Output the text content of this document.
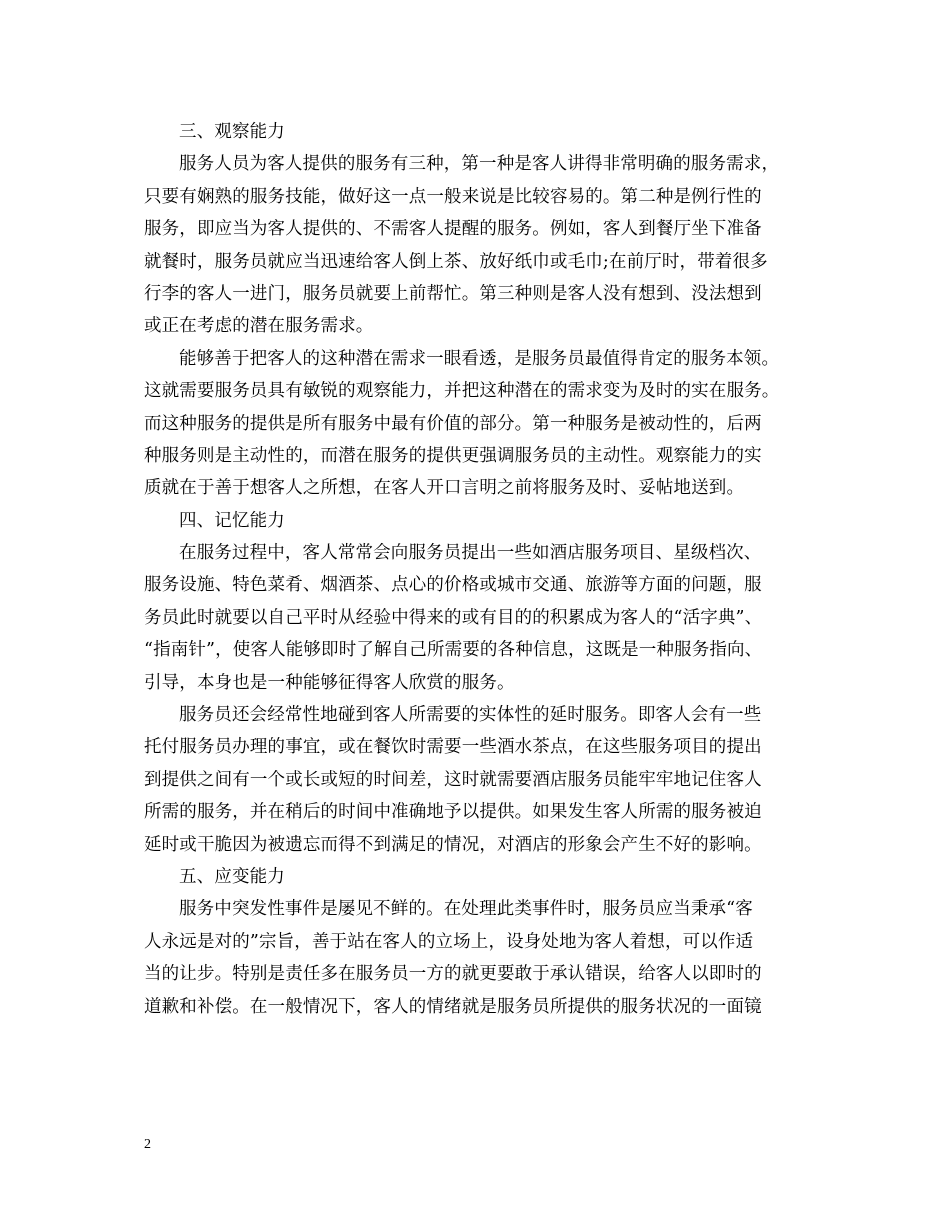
三、观察能力
服务人员为客人提供的服务有三种，第一种是客人讲得非常明确的服务需求，
只要有娴熟的服务技能，做好这一点一般来说是比较容易的。第二种是例行性的
服务，即应当为客人提供的、不需客人提醒的服务。例如，客人到餐厅坐下准备
就餐时，服务员就应当迅速给客人倒上茶、放好纸巾或毛巾;在前厅时，带着很多
行李的客人一进门，服务员就要上前帮忙。第三种则是客人没有想到、没法想到
或正在考虑的潜在服务需求。
能够善于把客人的这种潜在需求一眼看透，是服务员最值得肯定的服务本领。
这就需要服务员具有敏锐的观察能力，并把这种潜在的需求变为及时的实在服务。
而这种服务的提供是所有服务中最有价值的部分。第一种服务是被动性的，后两
种服务则是主动性的，而潜在服务的提供更强调服务员的主动性。观察能力的实
质就在于善于想客人之所想，在客人开口言明之前将服务及时、妥帖地送到。
四、记忆能力
在服务过程中，客人常常会向服务员提出一些如酒店服务项目、星级档次、
服务设施、特色菜肴、烟酒茶、点心的价格或城市交通、旅游等方面的问题，服
务员此时就要以自己平时从经验中得来的或有目的的积累成为客人的“活字典”、
“指南针”，使客人能够即时了解自己所需要的各种信息，这既是一种服务指向、
引导，本身也是一种能够征得客人欣赏的服务。
服务员还会经常性地碰到客人所需要的实体性的延时服务。即客人会有一些
托付服务员办理的事宜，或在餐饮时需要一些酒水茶点，在这些服务项目的提出
到提供之间有一个或长或短的时间差，这时就需要酒店服务员能牢牢地记住客人
所需的服务，并在稍后的时间中准确地予以提供。如果发生客人所需的服务被迫
延时或干脆因为被遗忘而得不到满足的情况，对酒店的形象会产生不好的影响。
五、应变能力
服务中突发性事件是屡见不鲜的。在处理此类事件时，服务员应当秉承“客
人永远是对的”宗旨，善于站在客人的立场上，设身处地为客人着想，可以作适
当的让步。特别是责任多在服务员一方的就更要敢于承认错误，给客人以即时的
道歉和补偿。在一般情况下，客人的情绪就是服务员所提供的服务状况的一面镜
2
